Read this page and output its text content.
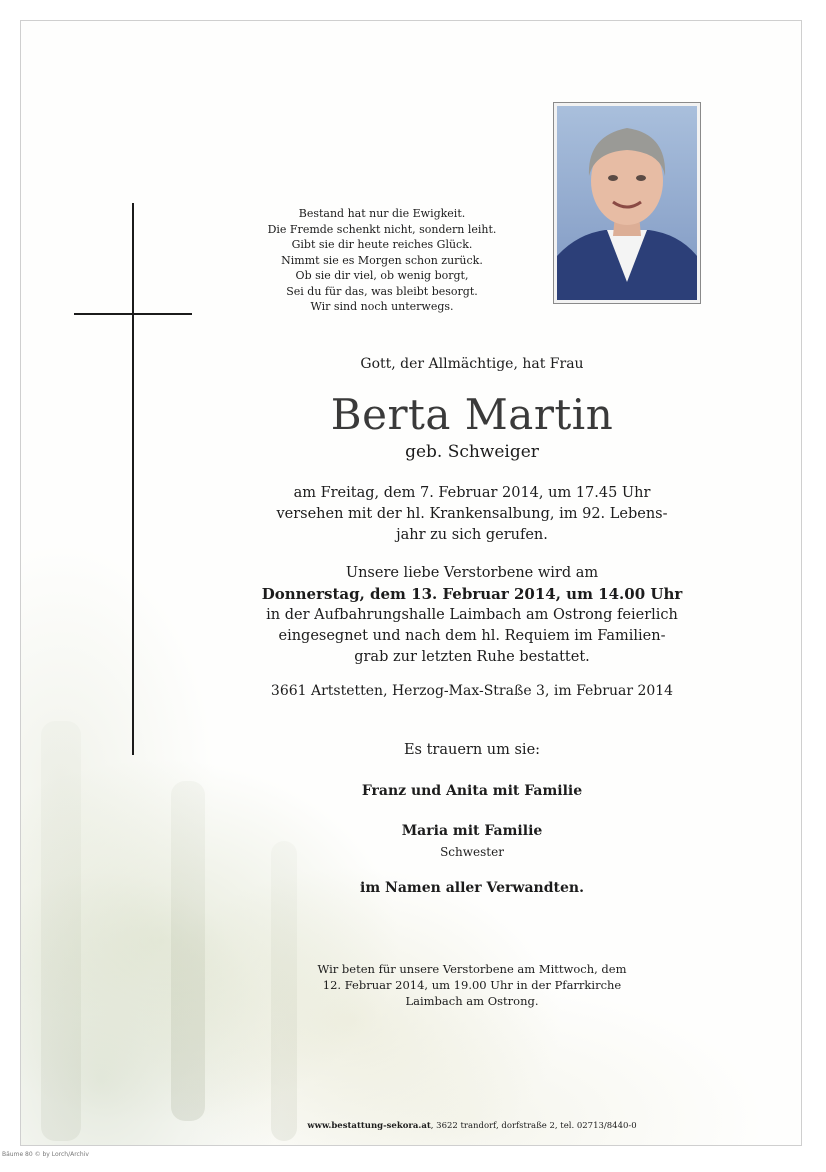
Bestand hat nur die Ewigkeit.
Die Fremde schenkt nicht, sondern leiht.
Gibt sie dir heute reiches Glück.
Nimmt sie es Morgen schon zurück.
Ob sie dir viel, ob wenig borgt,
Sei du für das, was bleibt besorgt.
Wir sind noch unterwegs.
Gott, der Allmächtige, hat Frau
Berta Martin
geb. Schweiger
am Freitag, dem 7. Februar 2014, um 17.45 Uhr
versehen mit der hl. Krankensalbung, im 92. Lebens-
jahr zu sich gerufen.
Unsere liebe Verstorbene wird am
Donnerstag, dem 13. Februar 2014, um 14.00 Uhr
in der Aufbahrungshalle Laimbach am Ostrong feierlich
eingesegnet und nach dem hl. Requiem im Familien-
grab zur letzten Ruhe bestattet.
3661 Artstetten, Herzog-Max-Straße 3, im Februar 2014
Es trauern um sie:
Franz und Anita mit Familie
Maria mit Familie
Schwester
im Namen aller Verwandten.
Wir beten für unsere Verstorbene am Mittwoch, dem
12. Februar 2014, um 19.00 Uhr in der Pfarrkirche
Laimbach am Ostrong.
www.bestattung-sekora.at, 3622 trandorf, dorfstraße 2, tel. 02713/8440-0
Bäume 80 © by Lorch/Archiv
